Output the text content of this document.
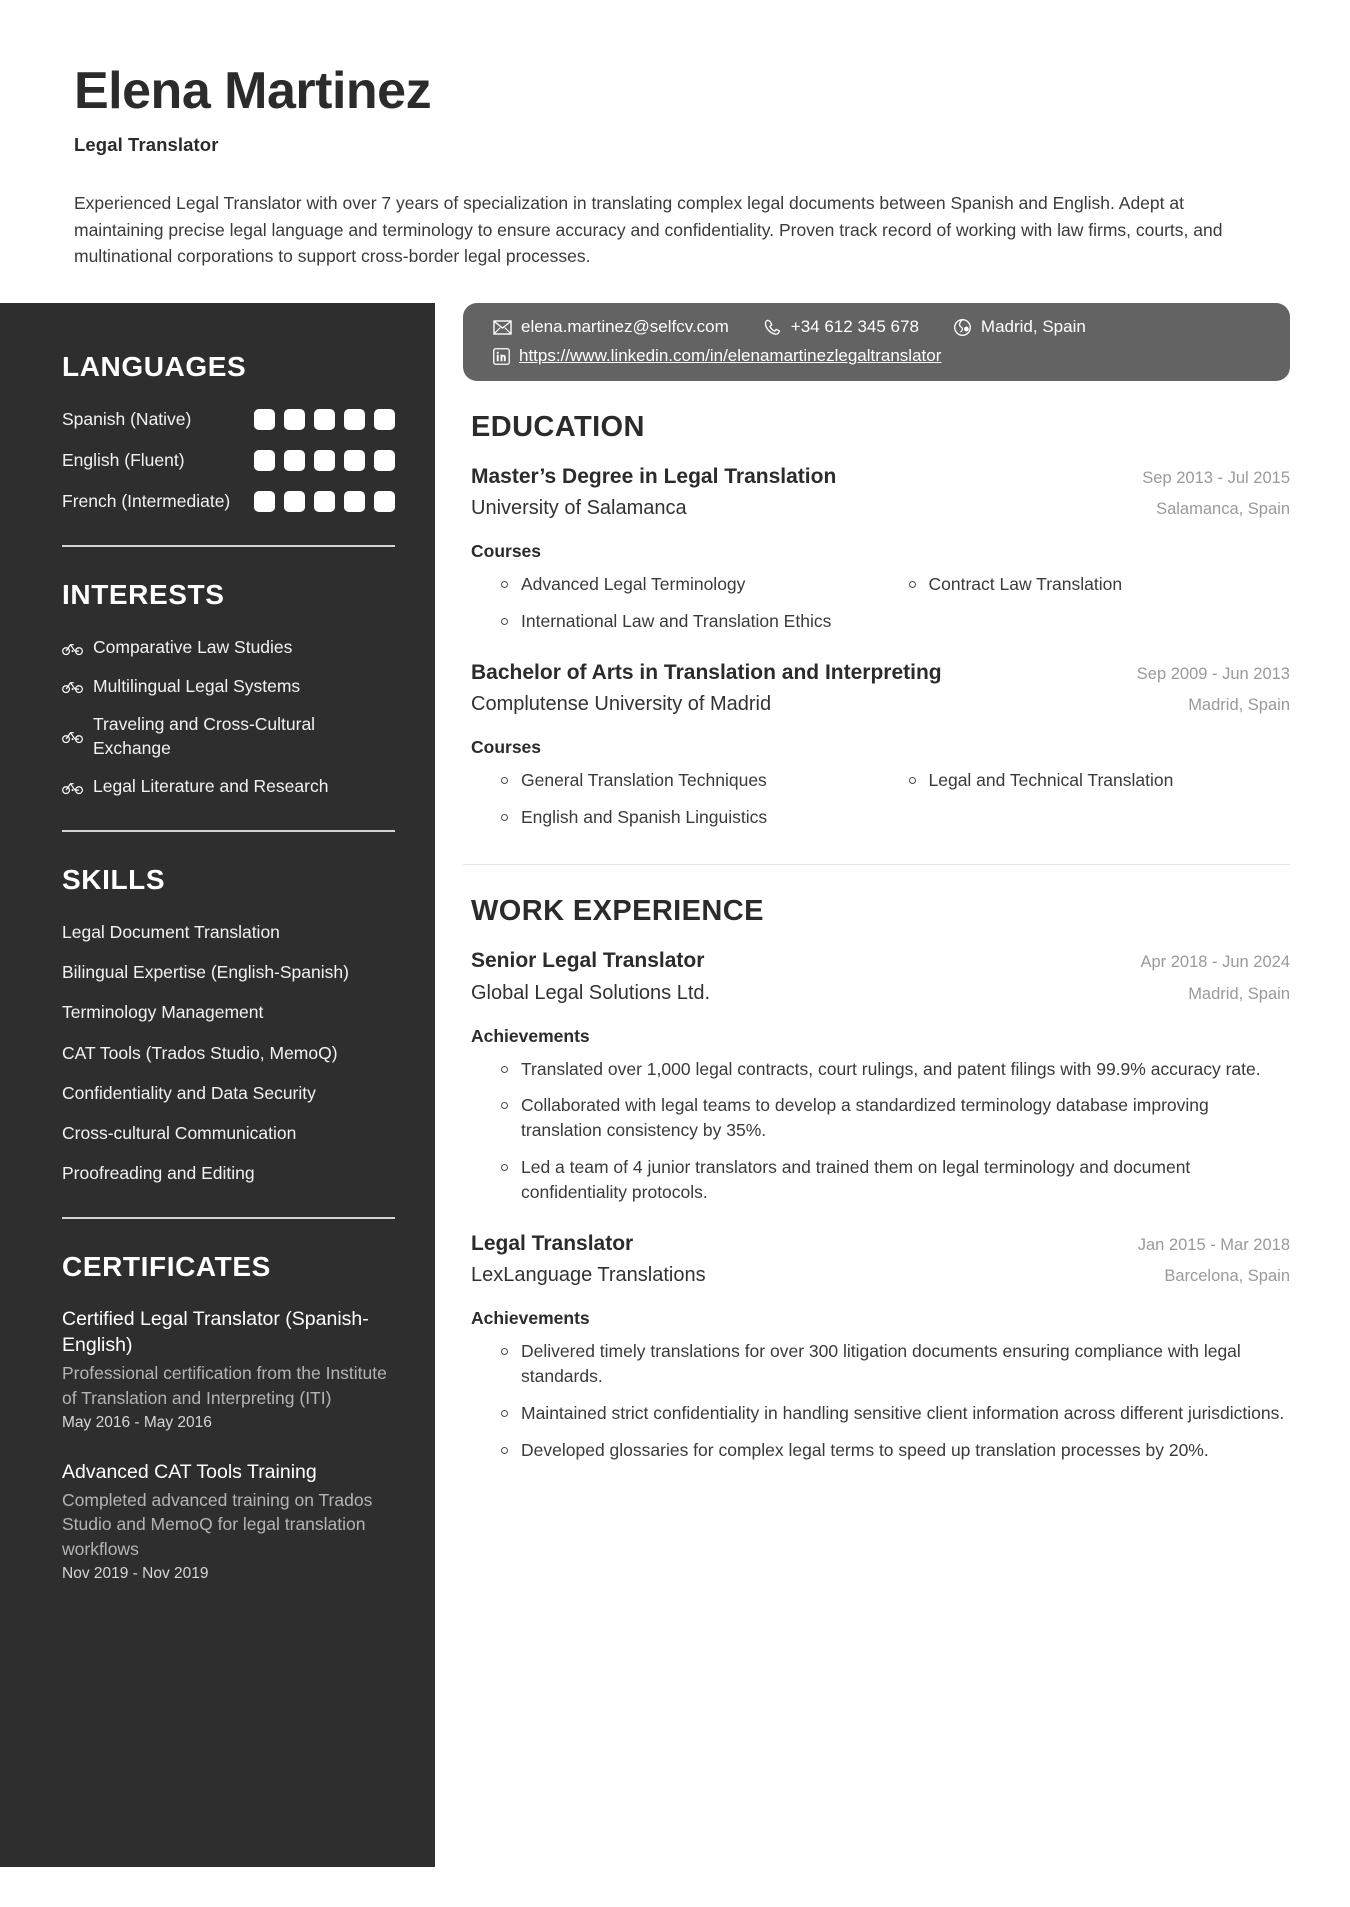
Elena Martinez
Legal Translator
Experienced Legal Translator with over 7 years of specialization in translating complex legal documents between Spanish and English. Adept at maintaining precise legal language and terminology to ensure accuracy and confidentiality. Proven track record of working with law firms, courts, and multinational corporations to support cross-border legal processes.
LANGUAGES
Spanish (Native)
English (Fluent)
French (Intermediate)
INTERESTS
Comparative Law Studies
Multilingual Legal Systems
Traveling and Cross-Cultural Exchange
Legal Literature and Research
SKILLS
Legal Document Translation
Bilingual Expertise (English-Spanish)
Terminology Management
CAT Tools (Trados Studio, MemoQ)
Confidentiality and Data Security
Cross-cultural Communication
Proofreading and Editing
CERTIFICATES
Certified Legal Translator (Spanish-English)
Professional certification from the Institute of Translation and Interpreting (ITI)
May 2016 - May 2016
Advanced CAT Tools Training
Completed advanced training on Trados Studio and MemoQ for legal translation workflows
Nov 2019 - Nov 2019
elena.martinez@selfcv.com	+34 612 345 678	Madrid, Spain
https://www.linkedin.com/in/elenamartinezlegaltranslator
EDUCATION
Master’s Degree in Legal Translation	Sep 2013 - Jul 2015
University of Salamanca	Salamanca, Spain
Courses
Advanced Legal Terminology	Contract Law Translation
International Law and Translation Ethics
Bachelor of Arts in Translation and Interpreting	Sep 2009 - Jun 2013
Complutense University of Madrid	Madrid, Spain
Courses
General Translation Techniques	Legal and Technical Translation
English and Spanish Linguistics
WORK EXPERIENCE
Senior Legal Translator	Apr 2018 - Jun 2024
Global Legal Solutions Ltd.	Madrid, Spain
Achievements
Translated over 1,000 legal contracts, court rulings, and patent filings with 99.9% accuracy rate.
Collaborated with legal teams to develop a standardized terminology database improving translation consistency by 35%.
Led a team of 4 junior translators and trained them on legal terminology and document confidentiality protocols.
Legal Translator	Jan 2015 - Mar 2018
LexLanguage Translations	Barcelona, Spain
Achievements
Delivered timely translations for over 300 litigation documents ensuring compliance with legal standards.
Maintained strict confidentiality in handling sensitive client information across different jurisdictions.
Developed glossaries for complex legal terms to speed up translation processes by 20%.
